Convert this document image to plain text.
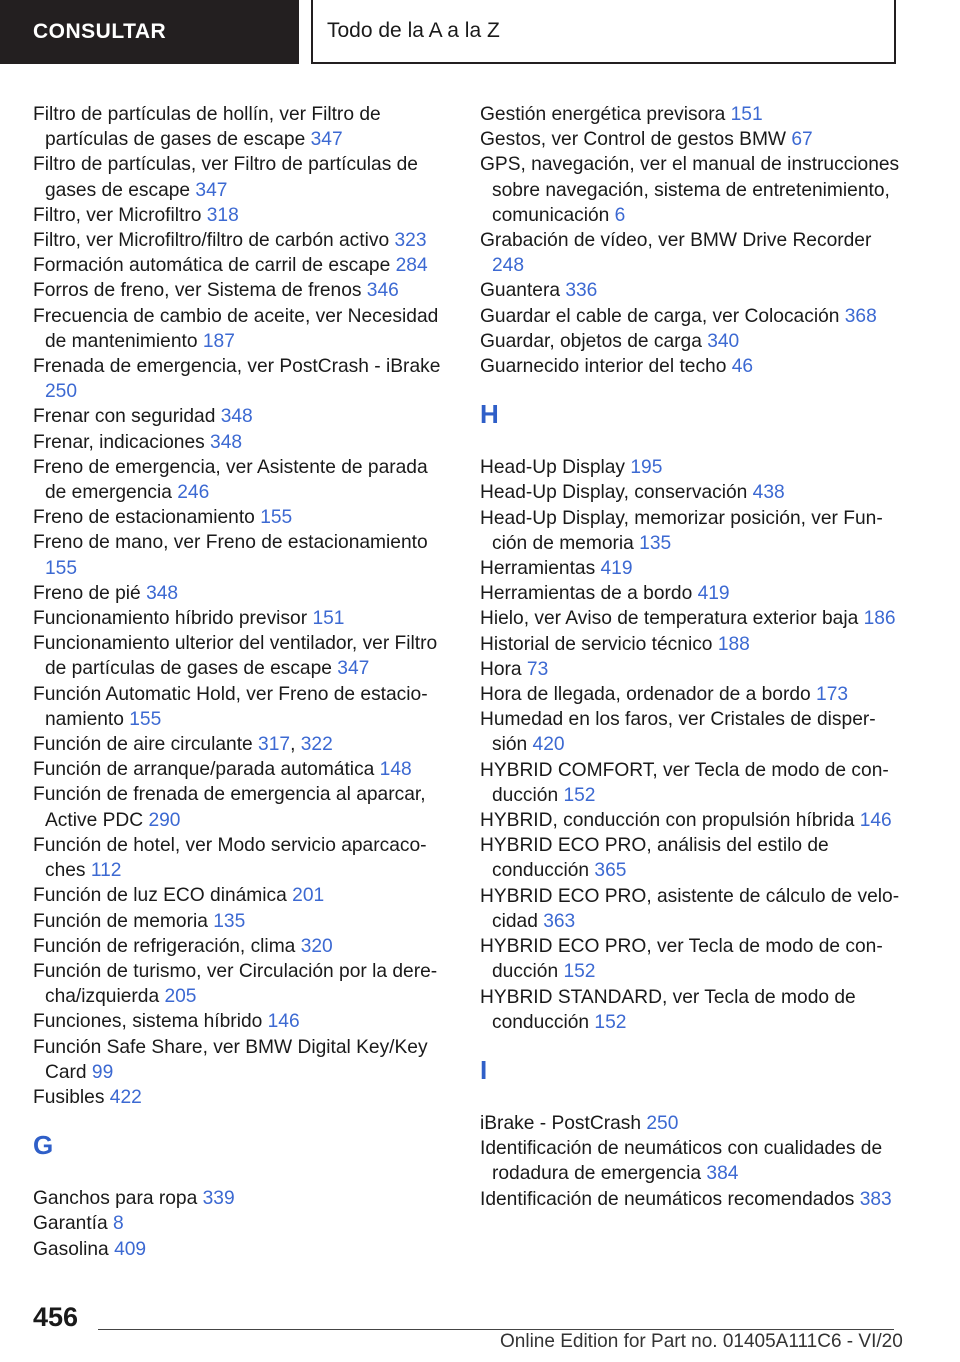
CONSULTAR	Todo de la A a la Z
Filtro de partículas de hollín, ver Filtro de partículas de gases de escape 347
Filtro de partículas, ver Filtro de partículas de gases de escape 347
Filtro, ver Microfiltro 318
Filtro, ver Microfiltro/filtro de carbón activo 323
Formación automática de carril de escape 284
Forros de freno, ver Sistema de frenos 346
Frecuencia de cambio de aceite, ver Necesidad de mantenimiento 187
Frenada de emergencia, ver PostCrash - iBrake 250
Frenar con seguridad 348
Frenar, indicaciones 348
Freno de emergencia, ver Asistente de parada de emergencia 246
Freno de estacionamiento 155
Freno de mano, ver Freno de estacionamiento 155
Freno de pié 348
Funcionamiento híbrido previsor 151
Funcionamiento ulterior del ventilador, ver Filtro de partículas de gases de escape 347
Función Automatic Hold, ver Freno de estacionamiento 155
Función de aire circulante 317, 322
Función de arranque/parada automática 148
Función de frenada de emergencia al aparcar, Active PDC 290
Función de hotel, ver Modo servicio aparcacoches 112
Función de luz ECO dinámica 201
Función de memoria 135
Función de refrigeración, clima 320
Función de turismo, ver Circulación por la derecha/izquierda 205
Funciones, sistema híbrido 146
Función Safe Share, ver BMW Digital Key/Key Card 99
Fusibles 422
G
Ganchos para ropa 339
Garantía 8
Gasolina 409
Gestión energética previsora 151
Gestos, ver Control de gestos BMW 67
GPS, navegación, ver el manual de instrucciones sobre navegación, sistema de entretenimiento, comunicación 6
Grabación de vídeo, ver BMW Drive Recorder 248
Guantera 336
Guardar el cable de carga, ver Colocación 368
Guardar, objetos de carga 340
Guarnecido interior del techo 46
H
Head-Up Display 195
Head-Up Display, conservación 438
Head-Up Display, memorizar posición, ver Función de memoria 135
Herramientas 419
Herramientas de a bordo 419
Hielo, ver Aviso de temperatura exterior baja 186
Historial de servicio técnico 188
Hora 73
Hora de llegada, ordenador de a bordo 173
Humedad en los faros, ver Cristales de dispersión 420
HYBRID COMFORT, ver Tecla de modo de conducción 152
HYBRID, conducción con propulsión híbrida 146
HYBRID ECO PRO, análisis del estilo de conducción 365
HYBRID ECO PRO, asistente de cálculo de velocidad 363
HYBRID ECO PRO, ver Tecla de modo de conducción 152
HYBRID STANDARD, ver Tecla de modo de conducción 152
I
iBrake - PostCrash 250
Identificación de neumáticos con cualidades de rodadura de emergencia 384
Identificación de neumáticos recomendados 383
456
Online Edition for Part no. 01405A111C6 - VI/20
